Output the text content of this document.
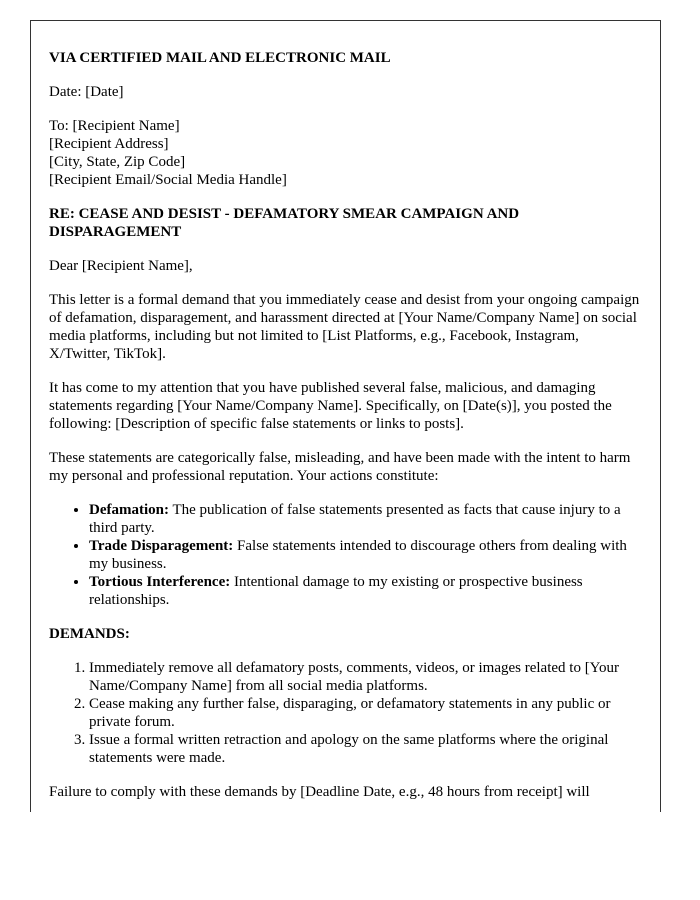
VIA CERTIFIED MAIL AND ELECTRONIC MAIL

Date: [Date]

To: [Recipient Name]
[Recipient Address]
[City, State, Zip Code]
[Recipient Email/Social Media Handle]

RE: CEASE AND DESIST - DEFAMATORY SMEAR CAMPAIGN AND DISPARAGEMENT

Dear [Recipient Name],

This letter is a formal demand that you immediately cease and desist from your ongoing campaign of defamation, disparagement, and harassment directed at [Your Name/Company Name] on social media platforms, including but not limited to [List Platforms, e.g., Facebook, Instagram, X/Twitter, TikTok].

It has come to my attention that you have published several false, malicious, and damaging statements regarding [Your Name/Company Name]. Specifically, on [Date(s)], you posted the following: [Description of specific false statements or links to posts].

These statements are categorically false, misleading, and have been made with the intent to harm my personal and professional reputation. Your actions constitute:

• Defamation: The publication of false statements presented as facts that cause injury to a third party.
• Trade Disparagement: False statements intended to discourage others from dealing with my business.
• Tortious Interference: Intentional damage to my existing or prospective business relationships.
DEMANDS:
1. Immediately remove all defamatory posts, comments, videos, or images related to [Your Name/Company Name] from all social media platforms.
2. Cease making any further false, disparaging, or defamatory statements in any public or private forum.
3. Issue a formal written retraction and apology on the same platforms where the original statements were made.

Failure to comply with these demands by [Deadline Date, e.g., 48 hours from receipt] will
